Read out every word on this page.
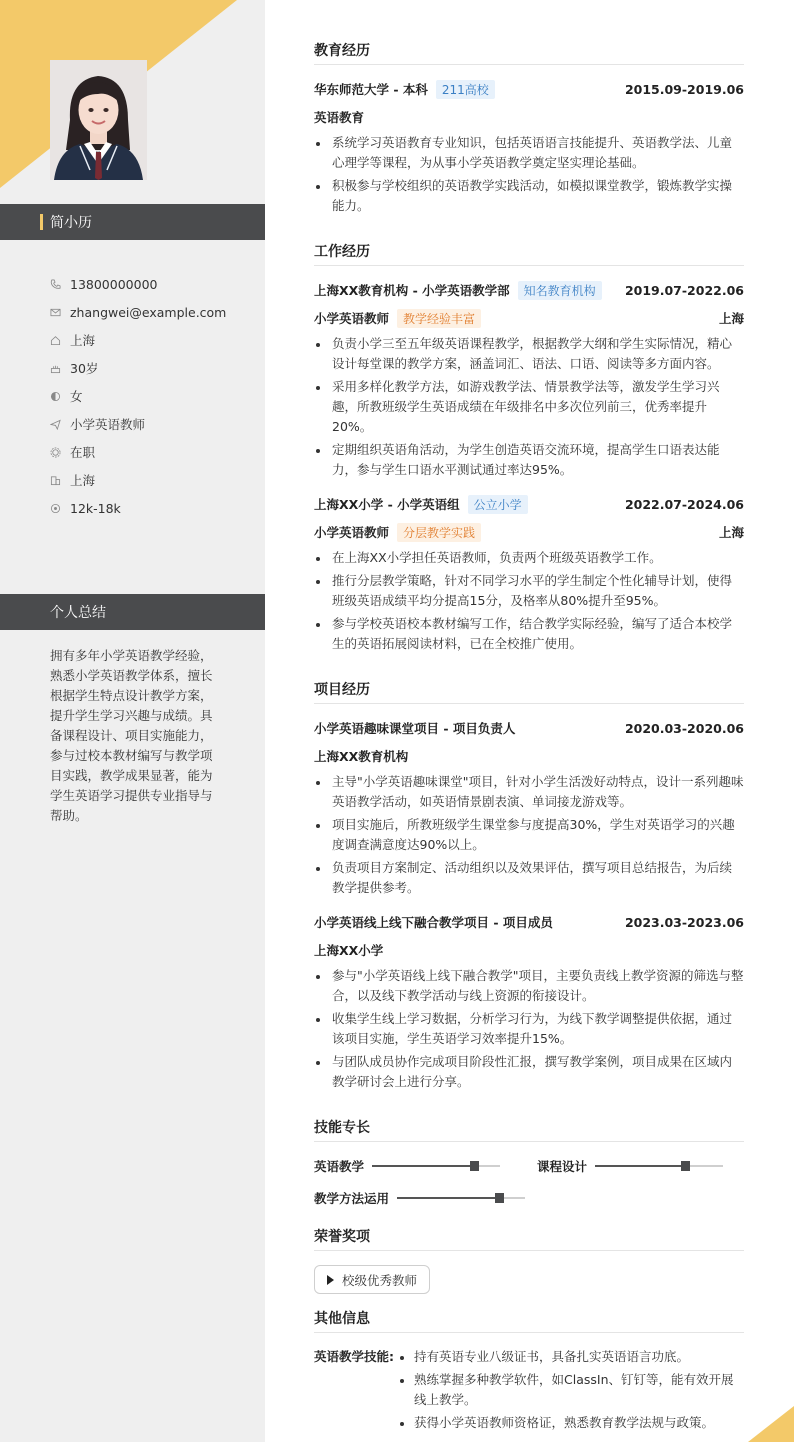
简小历
13800000000
zhangwei@example.com
上海
30岁
女
小学英语教师
在职
上海
12k-18k
个人总结
拥有多年小学英语教学经验，熟悉小学英语教学体系，擅长根据学生特点设计教学方案，提升学生学习兴趣与成绩。具备课程设计、项目实施能力，参与过校本教材编写与教学项目实践，教学成果显著，能为学生英语学习提供专业指导与帮助。
教育经历
华东师范大学 - 本科	211高校	2015.09-2019.06
英语教育
系统学习英语教育专业知识，包括英语语言技能提升、英语教学法、儿童心理学等课程，为从事小学英语教学奠定坚实理论基础。
积极参与学校组织的英语教学实践活动，如模拟课堂教学，锻炼教学实操能力。
工作经历
上海XX教育机构 - 小学英语教学部	知名教育机构	2019.07-2022.06
小学英语教师	教学经验丰富	上海
负责小学三至五年级英语课程教学，根据教学大纲和学生实际情况，精心设计每堂课的教学方案，涵盖词汇、语法、口语、阅读等多方面内容。
采用多样化教学方法，如游戏教学法、情景教学法等，激发学生学习兴趣，所教班级学生英语成绩在年级排名中多次位列前三，优秀率提升20%。
定期组织英语角活动，为学生创造英语交流环境，提高学生口语表达能力，参与学生口语水平测试通过率达95%。
上海XX小学 - 小学英语组	公立小学	2022.07-2024.06
小学英语教师	分层教学实践	上海
在上海XX小学担任英语教师，负责两个班级英语教学工作。
推行分层教学策略，针对不同学习水平的学生制定个性化辅导计划，使得班级英语成绩平均分提高15分，及格率从80%提升至95%。
参与学校英语校本教材编写工作，结合教学实际经验，编写了适合本校学生的英语拓展阅读材料，已在全校推广使用。
项目经历
小学英语趣味课堂项目 - 项目负责人	2020.03-2020.06
上海XX教育机构
主导"小学英语趣味课堂"项目，针对小学生活泼好动特点，设计一系列趣味英语教学活动，如英语情景剧表演、单词接龙游戏等。
项目实施后，所教班级学生课堂参与度提高30%，学生对英语学习的兴趣度调查满意度达90%以上。
负责项目方案制定、活动组织以及效果评估，撰写项目总结报告，为后续教学提供参考。
小学英语线上线下融合教学项目 - 项目成员	2023.03-2023.06
上海XX小学
参与"小学英语线上线下融合教学"项目，主要负责线上教学资源的筛选与整合，以及线下教学活动与线上资源的衔接设计。
收集学生线上学习数据，分析学习行为，为线下教学调整提供依据，通过该项目实施，学生英语学习效率提升15%。
与团队成员协作完成项目阶段性汇报，撰写教学案例，项目成果在区域内教学研讨会上进行分享。
技能专长
英语教学	课程设计
教学方法运用
荣誉奖项
校级优秀教师
其他信息
英语教学技能:	持有英语专业八级证书，具备扎实英语语言功底。
熟练掌握多种教学软件，如ClassIn、钉钉等，能有效开展线上教学。
获得小学英语教师资格证，熟悉教育教学法规与政策。
